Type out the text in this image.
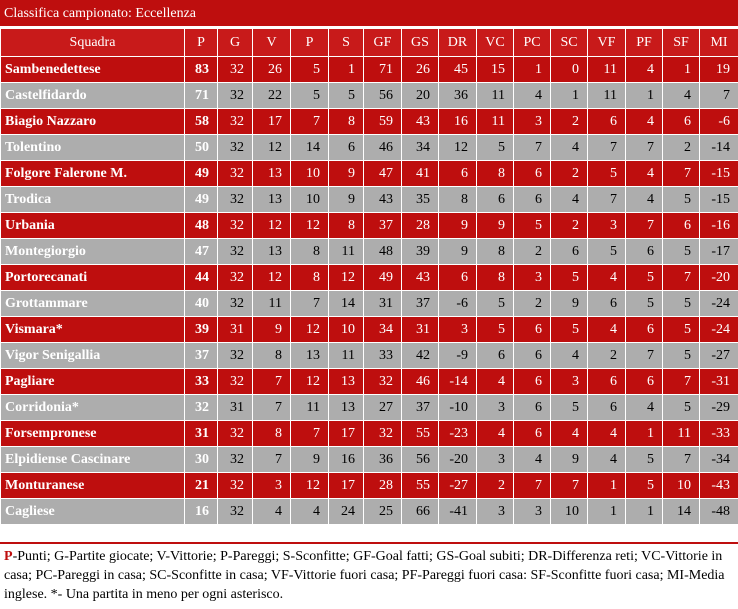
Classifica campionato: Eccellenza
Squadra	P	G	V	P	S	GF	GS	DR	VC	PC	SC	VF	PF	SF	MI
Sambenedettese	83	32	26	5	1	71	26	45	15	1	0	11	4	1	19
Castelfidardo	71	32	22	5	5	56	20	36	11	4	1	11	1	4	7
Biagio Nazzaro	58	32	17	7	8	59	43	16	11	3	2	6	4	6	-6
Tolentino	50	32	12	14	6	46	34	12	5	7	4	7	7	2	-14
Folgore Falerone M.	49	32	13	10	9	47	41	6	8	6	2	5	4	7	-15
Trodica	49	32	13	10	9	43	35	8	6	6	4	7	4	5	-15
Urbania	48	32	12	12	8	37	28	9	9	5	2	3	7	6	-16
Montegiorgio	47	32	13	8	11	48	39	9	8	2	6	5	6	5	-17
Portorecanati	44	32	12	8	12	49	43	6	8	3	5	4	5	7	-20
Grottammare	40	32	11	7	14	31	37	-6	5	2	9	6	5	5	-24
Vismara*	39	31	9	12	10	34	31	3	5	6	5	4	6	5	-24
Vigor Senigallia	37	32	8	13	11	33	42	-9	6	6	4	2	7	5	-27
Pagliare	33	32	7	12	13	32	46	-14	4	6	3	6	6	7	-31
Corridonia*	32	31	7	11	13	27	37	-10	3	6	5	6	4	5	-29
Forsempronese	31	32	8	7	17	32	55	-23	4	6	4	4	1	11	-33
Elpidiense Cascinare	30	32	7	9	16	36	56	-20	3	4	9	4	5	7	-34
Monturanese	21	32	3	12	17	28	55	-27	2	7	7	1	5	10	-43
Cagliese	16	32	4	4	24	25	66	-41	3	3	10	1	1	14	-48
P-Punti; G-Partite giocate; V-Vittorie; P-Pareggi; S-Sconfitte; GF-Goal fatti; GS-Goal subiti; DR-Differenza reti; VC-Vittorie in casa; PC-Pareggi in casa; SC-Sconfitte in casa; VF-Vittorie fuori casa; PF-Pareggi fuori casa: SF-Sconfitte fuori casa; MI-Media inglese. *- Una partita in meno per ogni asterisco.
